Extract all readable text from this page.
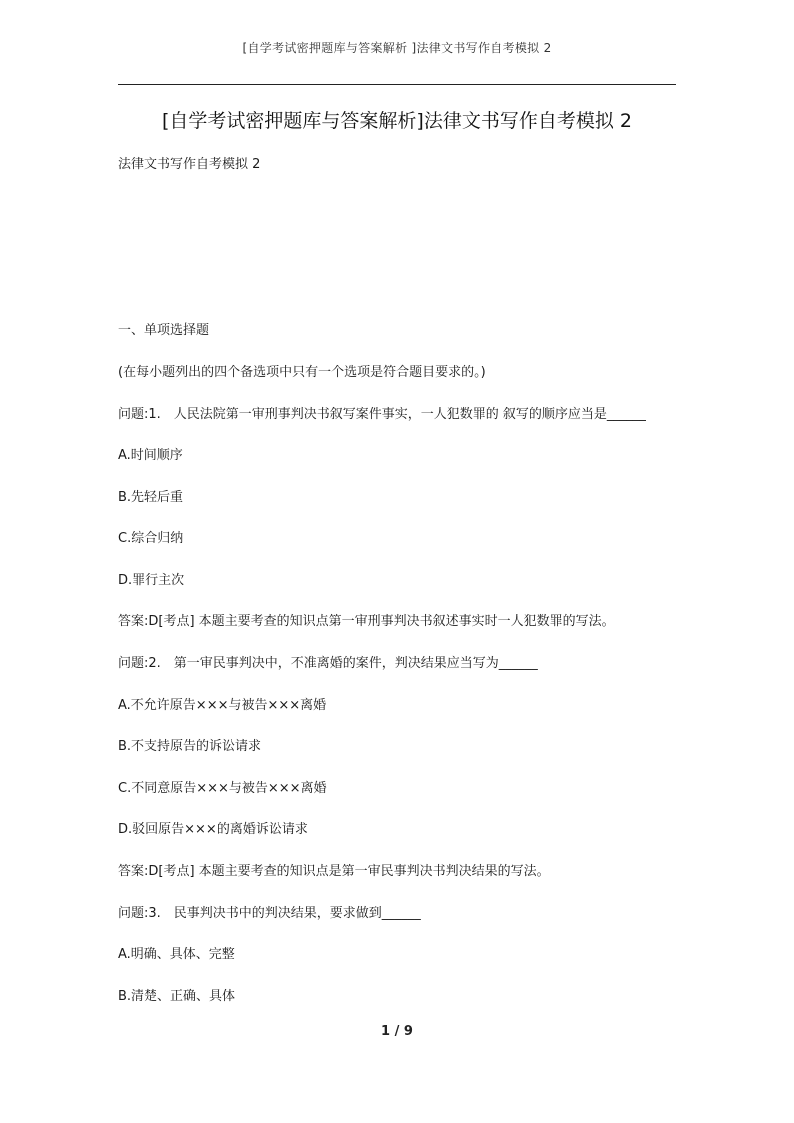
[自学考试密押题库与答案解析 ]法律文书写作自考模拟 2
[自学考试密押题库与答案解析]法律文书写作自考模拟 2
法律文书写作自考模拟 2
一、单项选择题
(在每小题列出的四个备选项中只有一个选项是符合题目要求的。)
问题:1.　人民法院第一审刑事判决书叙写案件事实，一人犯数罪的 叙写的顺序应当是______
A.时间顺序
B.先轻后重
C.综合归纳
D.罪行主次
答案:D[考点] 本题主要考查的知识点第一审刑事判决书叙述事实时一人犯数罪的写法。
问题:2.　第一审民事判决中，不准离婚的案件，判决结果应当写为______
A.不允许原告×××与被告×××离婚
B.不支持原告的诉讼请求
C.不同意原告×××与被告×××离婚
D.驳回原告×××的离婚诉讼请求
答案:D[考点] 本题主要考查的知识点是第一审民事判决书判决结果的写法。
问题:3.　民事判决书中的判决结果，要求做到______
A.明确、具体、完整
B.清楚、正确、具体
1 / 9
